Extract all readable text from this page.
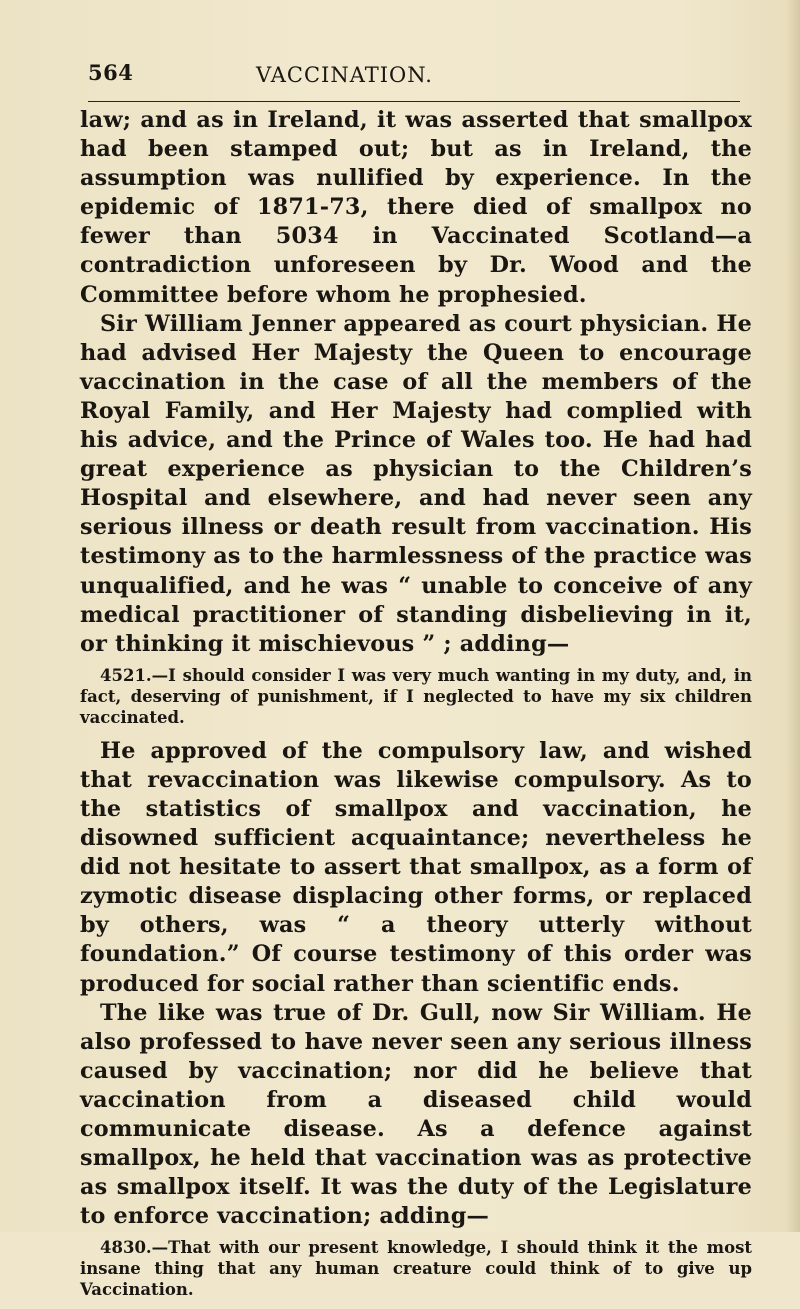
564	VACCINATION.

law; and as in Ireland, it was asserted that smallpox had been stamped out; but as in Ireland, the assumption was nullified by experience. In the epidemic of 1871-73, there died of smallpox no fewer than 5034 in Vaccinated Scotland—a contradiction unforeseen by Dr. Wood and the Committee before whom he prophesied.

Sir William Jenner appeared as court physician. He had advised Her Majesty the Queen to encourage vaccination in the case of all the members of the Royal Family, and Her Majesty had complied with his advice, and the Prince of Wales too. He had had great experience as physician to the Children’s Hospital and elsewhere, and had never seen any serious illness or death result from vaccination. His testimony as to the harmlessness of the practice was unqualified, and he was “ unable to conceive of any medical practitioner of standing disbelieving in it, or thinking it mischievous ” ; adding—

4521.—I should consider I was very much wanting in my duty, and, in fact, deserving of punishment, if I neglected to have my six children vaccinated.

He approved of the compulsory law, and wished that revaccination was likewise compulsory. As to the statistics of smallpox and vaccination, he disowned sufficient acquaintance; nevertheless he did not hesitate to assert that smallpox, as a form of zymotic disease displacing other forms, or replaced by others, was “ a theory utterly without foundation.” Of course testimony of this order was produced for social rather than scientific ends.

The like was true of Dr. Gull, now Sir William. He also professed to have never seen any serious illness caused by vaccination; nor did he believe that vaccination from a diseased child would communicate disease. As a defence against smallpox, he held that vaccination was as protective as smallpox itself. It was the duty of the Legislature to enforce vaccination; adding—

4830.—That with our present knowledge, I should think it the most insane thing that any human creature could think of to give up Vaccination.
